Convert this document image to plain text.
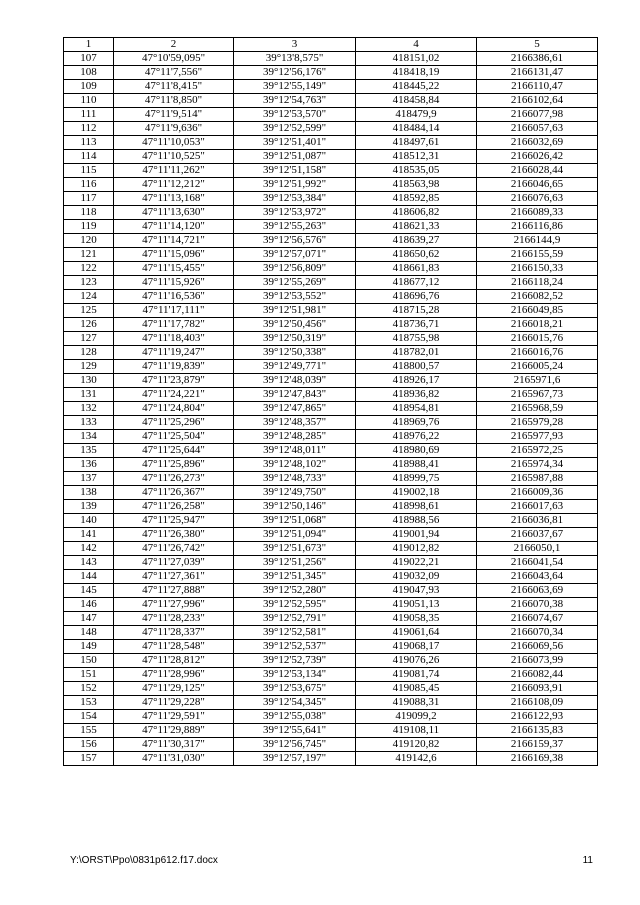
1	2	3	4	5
107	47°10'59,095"	39°13'8,575"	418151,02	2166386,61
108	47°11'7,556"	39°12'56,176"	418418,19	2166131,47
109	47°11'8,415"	39°12'55,149"	418445,22	2166110,47
110	47°11'8,850"	39°12'54,763"	418458,84	2166102,64
111	47°11'9,514"	39°12'53,570"	418479,9	2166077,98
112	47°11'9,636"	39°12'52,599"	418484,14	2166057,63
113	47°11'10,053"	39°12'51,401"	418497,61	2166032,69
114	47°11'10,525"	39°12'51,087"	418512,31	2166026,42
115	47°11'11,262"	39°12'51,158"	418535,05	2166028,44
116	47°11'12,212"	39°12'51,992"	418563,98	2166046,65
117	47°11'13,168"	39°12'53,384"	418592,85	2166076,63
118	47°11'13,630"	39°12'53,972"	418606,82	2166089,33
119	47°11'14,120"	39°12'55,263"	418621,33	2166116,86
120	47°11'14,721"	39°12'56,576"	418639,27	2166144,9
121	47°11'15,096"	39°12'57,071"	418650,62	2166155,59
122	47°11'15,455"	39°12'56,809"	418661,83	2166150,33
123	47°11'15,926"	39°12'55,269"	418677,12	2166118,24
124	47°11'16,536"	39°12'53,552"	418696,76	2166082,52
125	47°11'17,111"	39°12'51,981"	418715,28	2166049,85
126	47°11'17,782"	39°12'50,456"	418736,71	2166018,21
127	47°11'18,403"	39°12'50,319"	418755,98	2166015,76
128	47°11'19,247"	39°12'50,338"	418782,01	2166016,76
129	47°11'19,839"	39°12'49,771"	418800,57	2166005,24
130	47°11'23,879"	39°12'48,039"	418926,17	2165971,6
131	47°11'24,221"	39°12'47,843"	418936,82	2165967,73
132	47°11'24,804"	39°12'47,865"	418954,81	2165968,59
133	47°11'25,296"	39°12'48,357"	418969,76	2165979,28
134	47°11'25,504"	39°12'48,285"	418976,22	2165977,93
135	47°11'25,644"	39°12'48,011"	418980,69	2165972,25
136	47°11'25,896"	39°12'48,102"	418988,41	2165974,34
137	47°11'26,273"	39°12'48,733"	418999,75	2165987,88
138	47°11'26,367"	39°12'49,750"	419002,18	2166009,36
139	47°11'26,258"	39°12'50,146"	418998,61	2166017,63
140	47°11'25,947"	39°12'51,068"	418988,56	2166036,81
141	47°11'26,380"	39°12'51,094"	419001,94	2166037,67
142	47°11'26,742"	39°12'51,673"	419012,82	2166050,1
143	47°11'27,039"	39°12'51,256"	419022,21	2166041,54
144	47°11'27,361"	39°12'51,345"	419032,09	2166043,64
145	47°11'27,888"	39°12'52,280"	419047,93	2166063,69
146	47°11'27,996"	39°12'52,595"	419051,13	2166070,38
147	47°11'28,233"	39°12'52,791"	419058,35	2166074,67
148	47°11'28,337"	39°12'52,581"	419061,64	2166070,34
149	47°11'28,548"	39°12'52,537"	419068,17	2166069,56
150	47°11'28,812"	39°12'52,739"	419076,26	2166073,99
151	47°11'28,996"	39°12'53,134"	419081,74	2166082,44
152	47°11'29,125"	39°12'53,675"	419085,45	2166093,91
153	47°11'29,228"	39°12'54,345"	419088,31	2166108,09
154	47°11'29,591"	39°12'55,038"	419099,2	2166122,93
155	47°11'29,889"	39°12'55,641"	419108,11	2166135,83
156	47°11'30,317"	39°12'56,745"	419120,82	2166159,37
157	47°11'31,030"	39°12'57,197"	419142,6	2166169,38
Y:\ORST\Ppo\0831p612.f17.docx	11
